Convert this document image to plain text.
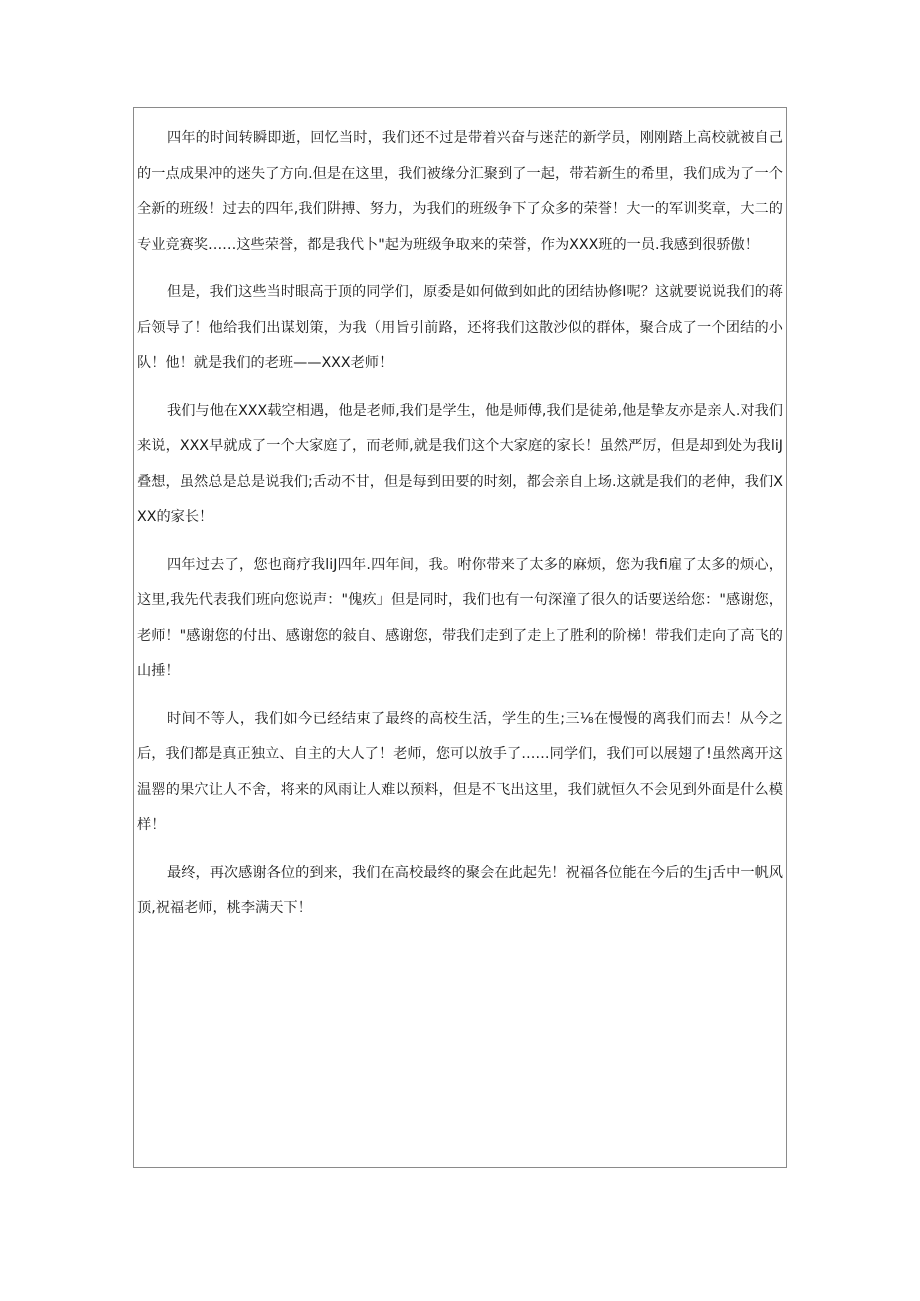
四年的时间转瞬即逝，回忆当时，我们还不过是带着兴奋与迷茫的新学员，刚刚踏上高校就被自己的一点成果冲的迷失了方向.但是在这里，我们被缘分汇聚到了一起，带若新生的希里，我们成为了一个全新的班级！过去的四年,我们阱搏、努力，为我们的班级争下了众多的荣誉！大一的军训奖章，大二的专业竞赛奖……这些荣誉，都是我代卜"起为班级争取来的荣誉，作为XXX班的一员.我感到很骄傲！

但是，我们这些当时眼高于顶的同学们，原委是如何做到如此的团结协修I呢？这就要说说我们的蒋后领导了！他给我们出谋划策，为我（用旨引前路，还将我们这散沙似的群体，聚合成了一个团结的小队！他！就是我们的老班——XXX老师！

我们与他在XXX载空相遇，他是老师,我们是学生，他是师傅,我们是徒弟,他是挚友亦是亲人.对我们来说，XXX早就成了一个大家庭了，而老师,就是我们这个大家庭的家长！虽然严厉，但是却到处为我liJ叠想，虽然总是总是说我们;舌动不甘，但是每到田要的时刻，都会亲自上场.这就是我们的老伸，我们XXX的家长！

四年过去了，您也商疗我liJ四年.四年间，我。咐你带来了太多的麻烦，您为我fi雇了太多的烦心，这里,我先代表我们班向您说声："傀疚」但是同时，我们也有一句深潼了很久的话要送给您："感谢您，老师！"感谢您的付出、感谢您的敍自、感谢您，带我们走到了走上了胜利的阶梯！带我们走向了高飞的山捶！

时间不等人，我们如今已经结束了最终的高校生活，学生的生;三⅛在慢慢的离我们而去！从今之后，我们都是真正独立、自主的大人了！老师，您可以放手了……同学们，我们可以展翅了!虽然离开这温罂的果穴让人不舍，将来的风雨让人难以预料，但是不飞出这里，我们就恒久不会见到外面是什么模样！

最终，再次感谢各位的到来，我们在高校最终的聚会在此起先！祝福各位能在今后的生j舌中一帆风顶,祝福老师，桃李满天下！
